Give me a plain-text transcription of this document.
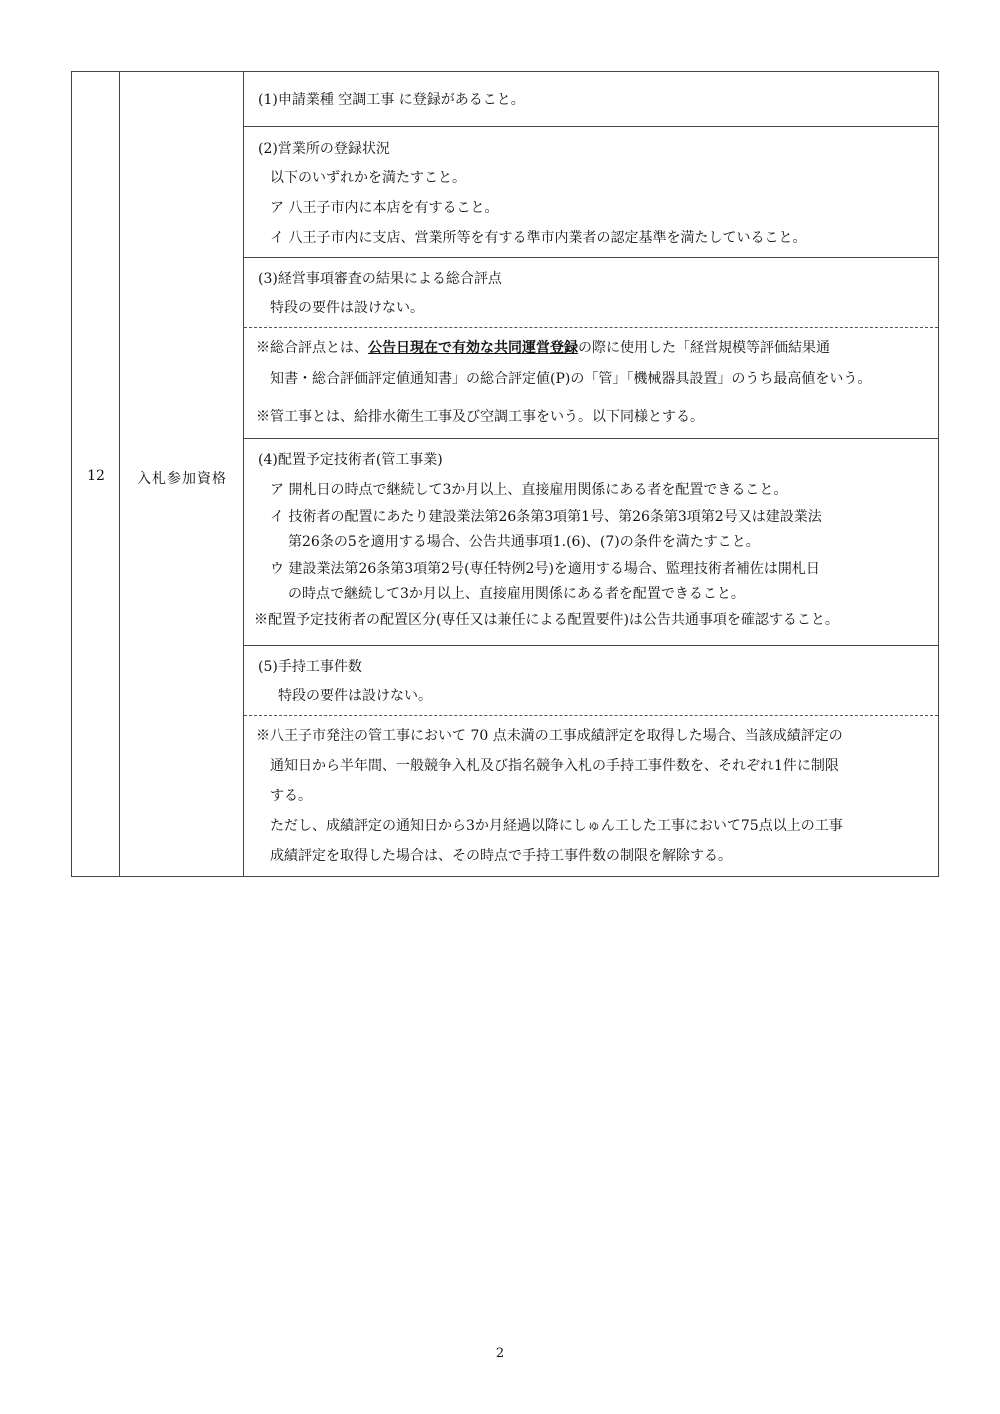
12	入札参加資格
(1)申請業種 空調工事 に登録があること。
(2)営業所の登録状況
以下のいずれかを満たすこと。
ア 八王子市内に本店を有すること。
イ 八王子市内に支店、営業所等を有する準市内業者の認定基準を満たしていること。
(3)経営事項審査の結果による総合評点
特段の要件は設けない。
※総合評点とは、公告日現在で有効な共同運営登録の際に使用した「経営規模等評価結果通
知書・総合評価評定値通知書」の総合評定値(P)の「管」「機械器具設置」のうち最高値をいう。
※管工事とは、給排水衛生工事及び空調工事をいう。以下同様とする。
(4)配置予定技術者(管工事業)
ア 開札日の時点で継続して3か月以上、直接雇用関係にある者を配置できること。
イ 技術者の配置にあたり建設業法第26条第3項第1号、第26条第3項第2号又は建設業法
第26条の5を適用する場合、公告共通事項1.(6)、(7)の条件を満たすこと。
ウ 建設業法第26条第3項第2号(専任特例2号)を適用する場合、監理技術者補佐は開札日
の時点で継続して3か月以上、直接雇用関係にある者を配置できること。
※配置予定技術者の配置区分(専任又は兼任による配置要件)は公告共通事項を確認すること。
(5)手持工事件数
特段の要件は設けない。
※八王子市発注の管工事において 70 点未満の工事成績評定を取得した場合、当該成績評定の
通知日から半年間、一般競争入札及び指名競争入札の手持工事件数を、それぞれ1件に制限
する。
ただし、成績評定の通知日から3か月経過以降にしゅん工した工事において75点以上の工事
成績評定を取得した場合は、その時点で手持工事件数の制限を解除する。
2
